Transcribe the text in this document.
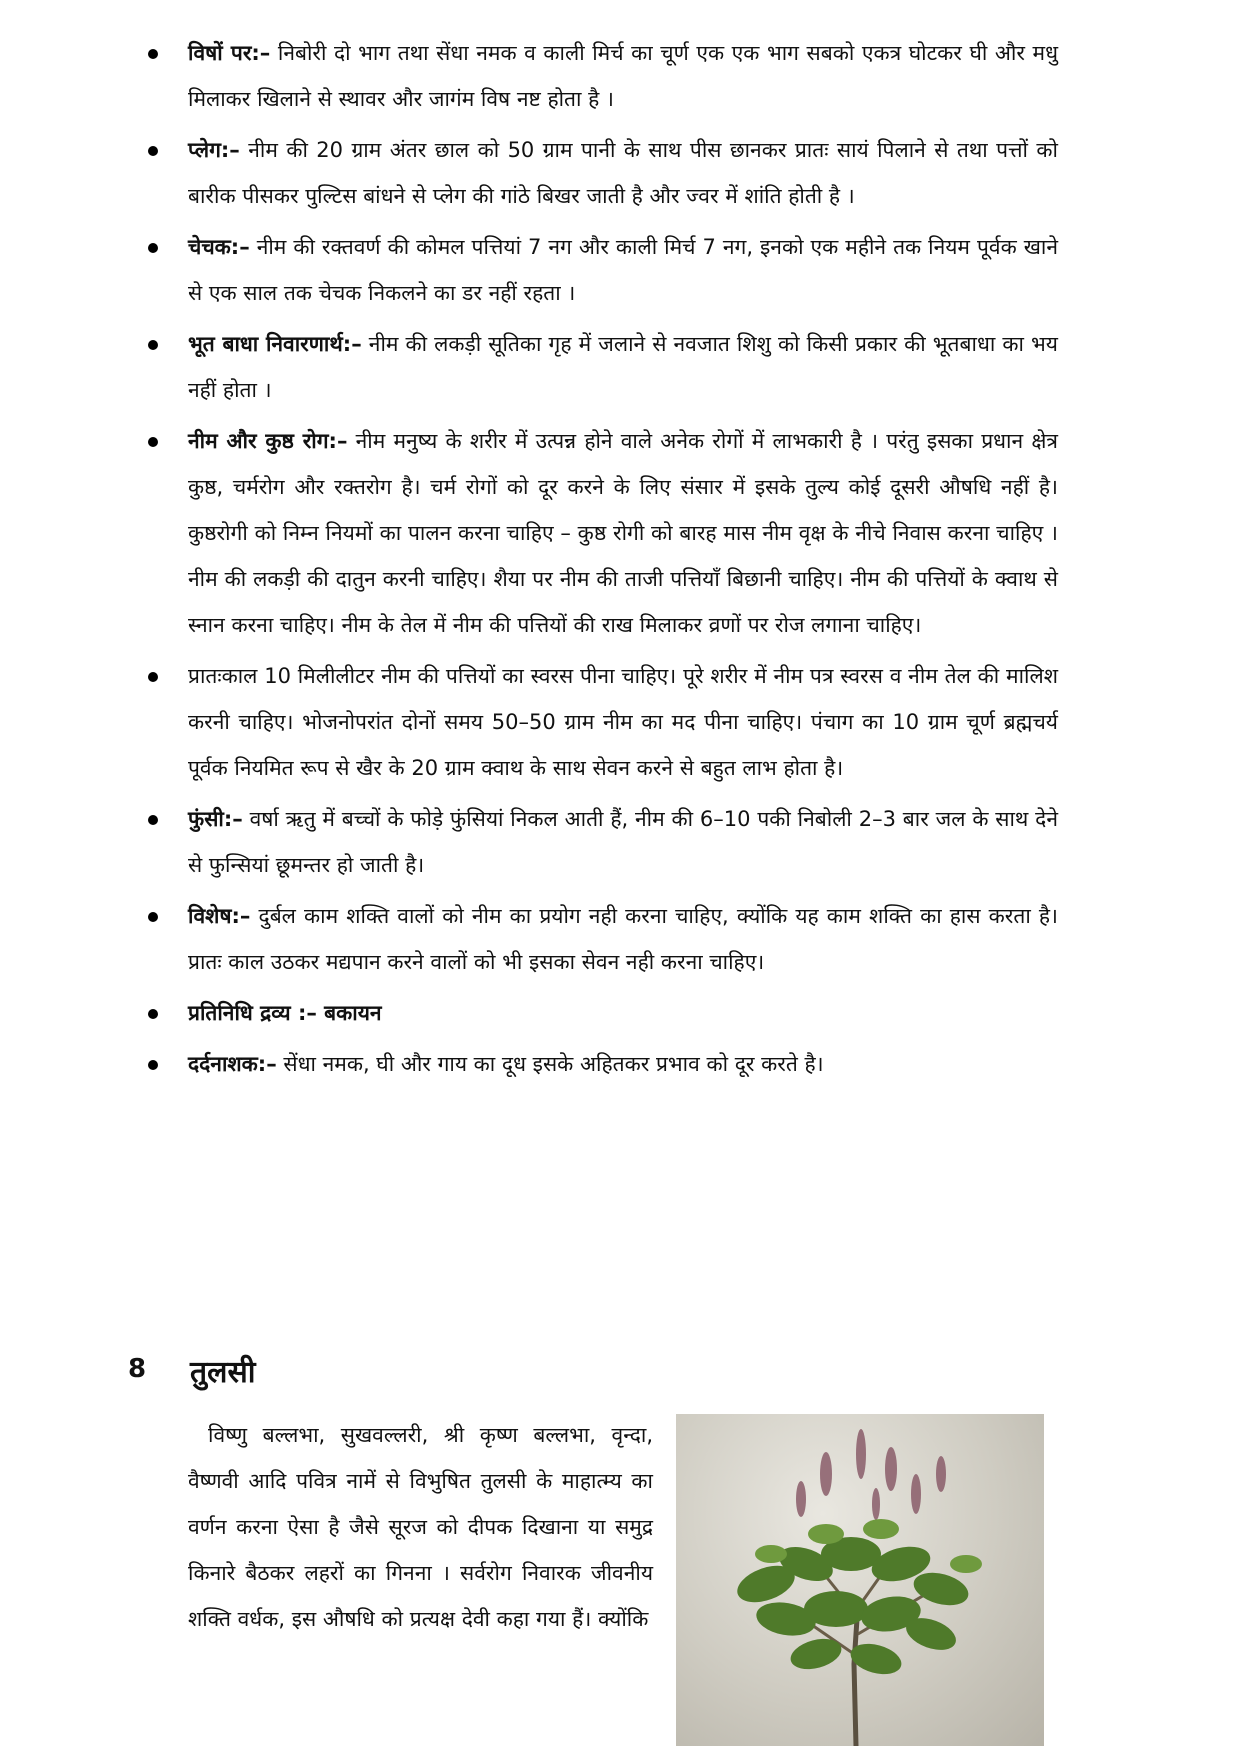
विषों पर:– निबोरी दो भाग तथा सेंधा नमक व काली मिर्च का चूर्ण एक एक भाग सबको एकत्र घोटकर घी और मधु मिलाकर खिलाने से स्थावर और जागंम विष नष्ट होता है ।
प्लेग:– नीम की 20 ग्राम अंतर छाल को 50 ग्राम पानी के साथ पीस छानकर प्रातः सायं पिलाने से तथा पत्तों को बारीक पीसकर पुल्टिस बांधने से प्लेग की गांठे बिखर जाती है और ज्वर में शांति होती है ।
चेचक:– नीम की रक्तवर्ण की कोमल पत्तियां 7 नग और काली मिर्च 7 नग, इनको एक महीने तक नियम पूर्वक खाने से एक साल तक चेचक निकलने का डर नहीं रहता ।
भूत बाधा निवारणार्थ:– नीम की लकड़ी सूतिका गृह में जलाने से नवजात शिशु को किसी प्रकार की भूतबाधा का भय नहीं होता ।
नीम और कुष्ठ रोग:– नीम मनुष्य के शरीर में उत्पन्न होने वाले अनेक रोगों में लाभकारी है । परंतु इसका प्रधान क्षेत्र कुष्ठ, चर्मरोग और रक्तरोग है। चर्म रोगों को दूर करने के लिए संसार में इसके तुल्य कोई दूसरी औषधि नहीं है। कुष्ठरोगी को निम्न नियमों का पालन करना चाहिए – कुष्ठ रोगी को बारह मास नीम वृक्ष के नीचे निवास करना चाहिए । नीम की लकड़ी की दातुन करनी चाहिए। शैया पर नीम की ताजी पत्तियाँ बिछानी चाहिए। नीम की पत्तियों के क्वाथ से स्नान करना चाहिए। नीम के तेल में नीम की पत्तियों की राख मिलाकर व्रणों पर रोज लगाना चाहिए।
प्रातःकाल 10 मिलीलीटर नीम की पत्तियों का स्वरस पीना चाहिए। पूरे शरीर में नीम पत्र स्वरस व नीम तेल की मालिश करनी चाहिए। भोजनोपरांत दोनों समय 50–50 ग्राम नीम का मद पीना चाहिए। पंचाग का 10 ग्राम चूर्ण ब्रह्मचर्य पूर्वक नियमित रूप से खैर के 20 ग्राम क्वाथ के साथ सेवन करने से बहुत लाभ होता है।
फुंसी:– वर्षा ऋतु में बच्चों के फोड़े फुंसियां निकल आती हैं, नीम की 6–10 पकी निबोली 2–3 बार जल के साथ देने से फुन्सियां छूमन्तर हो जाती है।
विशेष:– दुर्बल काम शक्ति वालों को नीम का प्रयोग नही करना चाहिए, क्योंकि यह काम शक्ति का हास करता है। प्रातः काल उठकर मद्यपान करने वालों को भी इसका सेवन नही करना चाहिए।
प्रतिनिधि द्रव्य :– बकायन
दर्दनाशक:– सेंधा नमक, घी और गाय का दूध इसके अहितकर प्रभाव को दूर करते है।
8 तुलसी

विष्णु बल्लभा, सुखवल्लरी, श्री कृष्ण बल्लभा, वृन्दा, वैष्णवी आदि पवित्र नामें से विभुषित तुलसी के माहात्म्य का वर्णन करना ऐसा है जैसे सूरज को दीपक दिखाना या समुद्र किनारे बैठकर लहरों का गिनना । सर्वरोग निवारक जीवनीय शक्ति वर्धक, इस औषधि को प्रत्यक्ष देवी कहा गया हैं। क्योंकि
